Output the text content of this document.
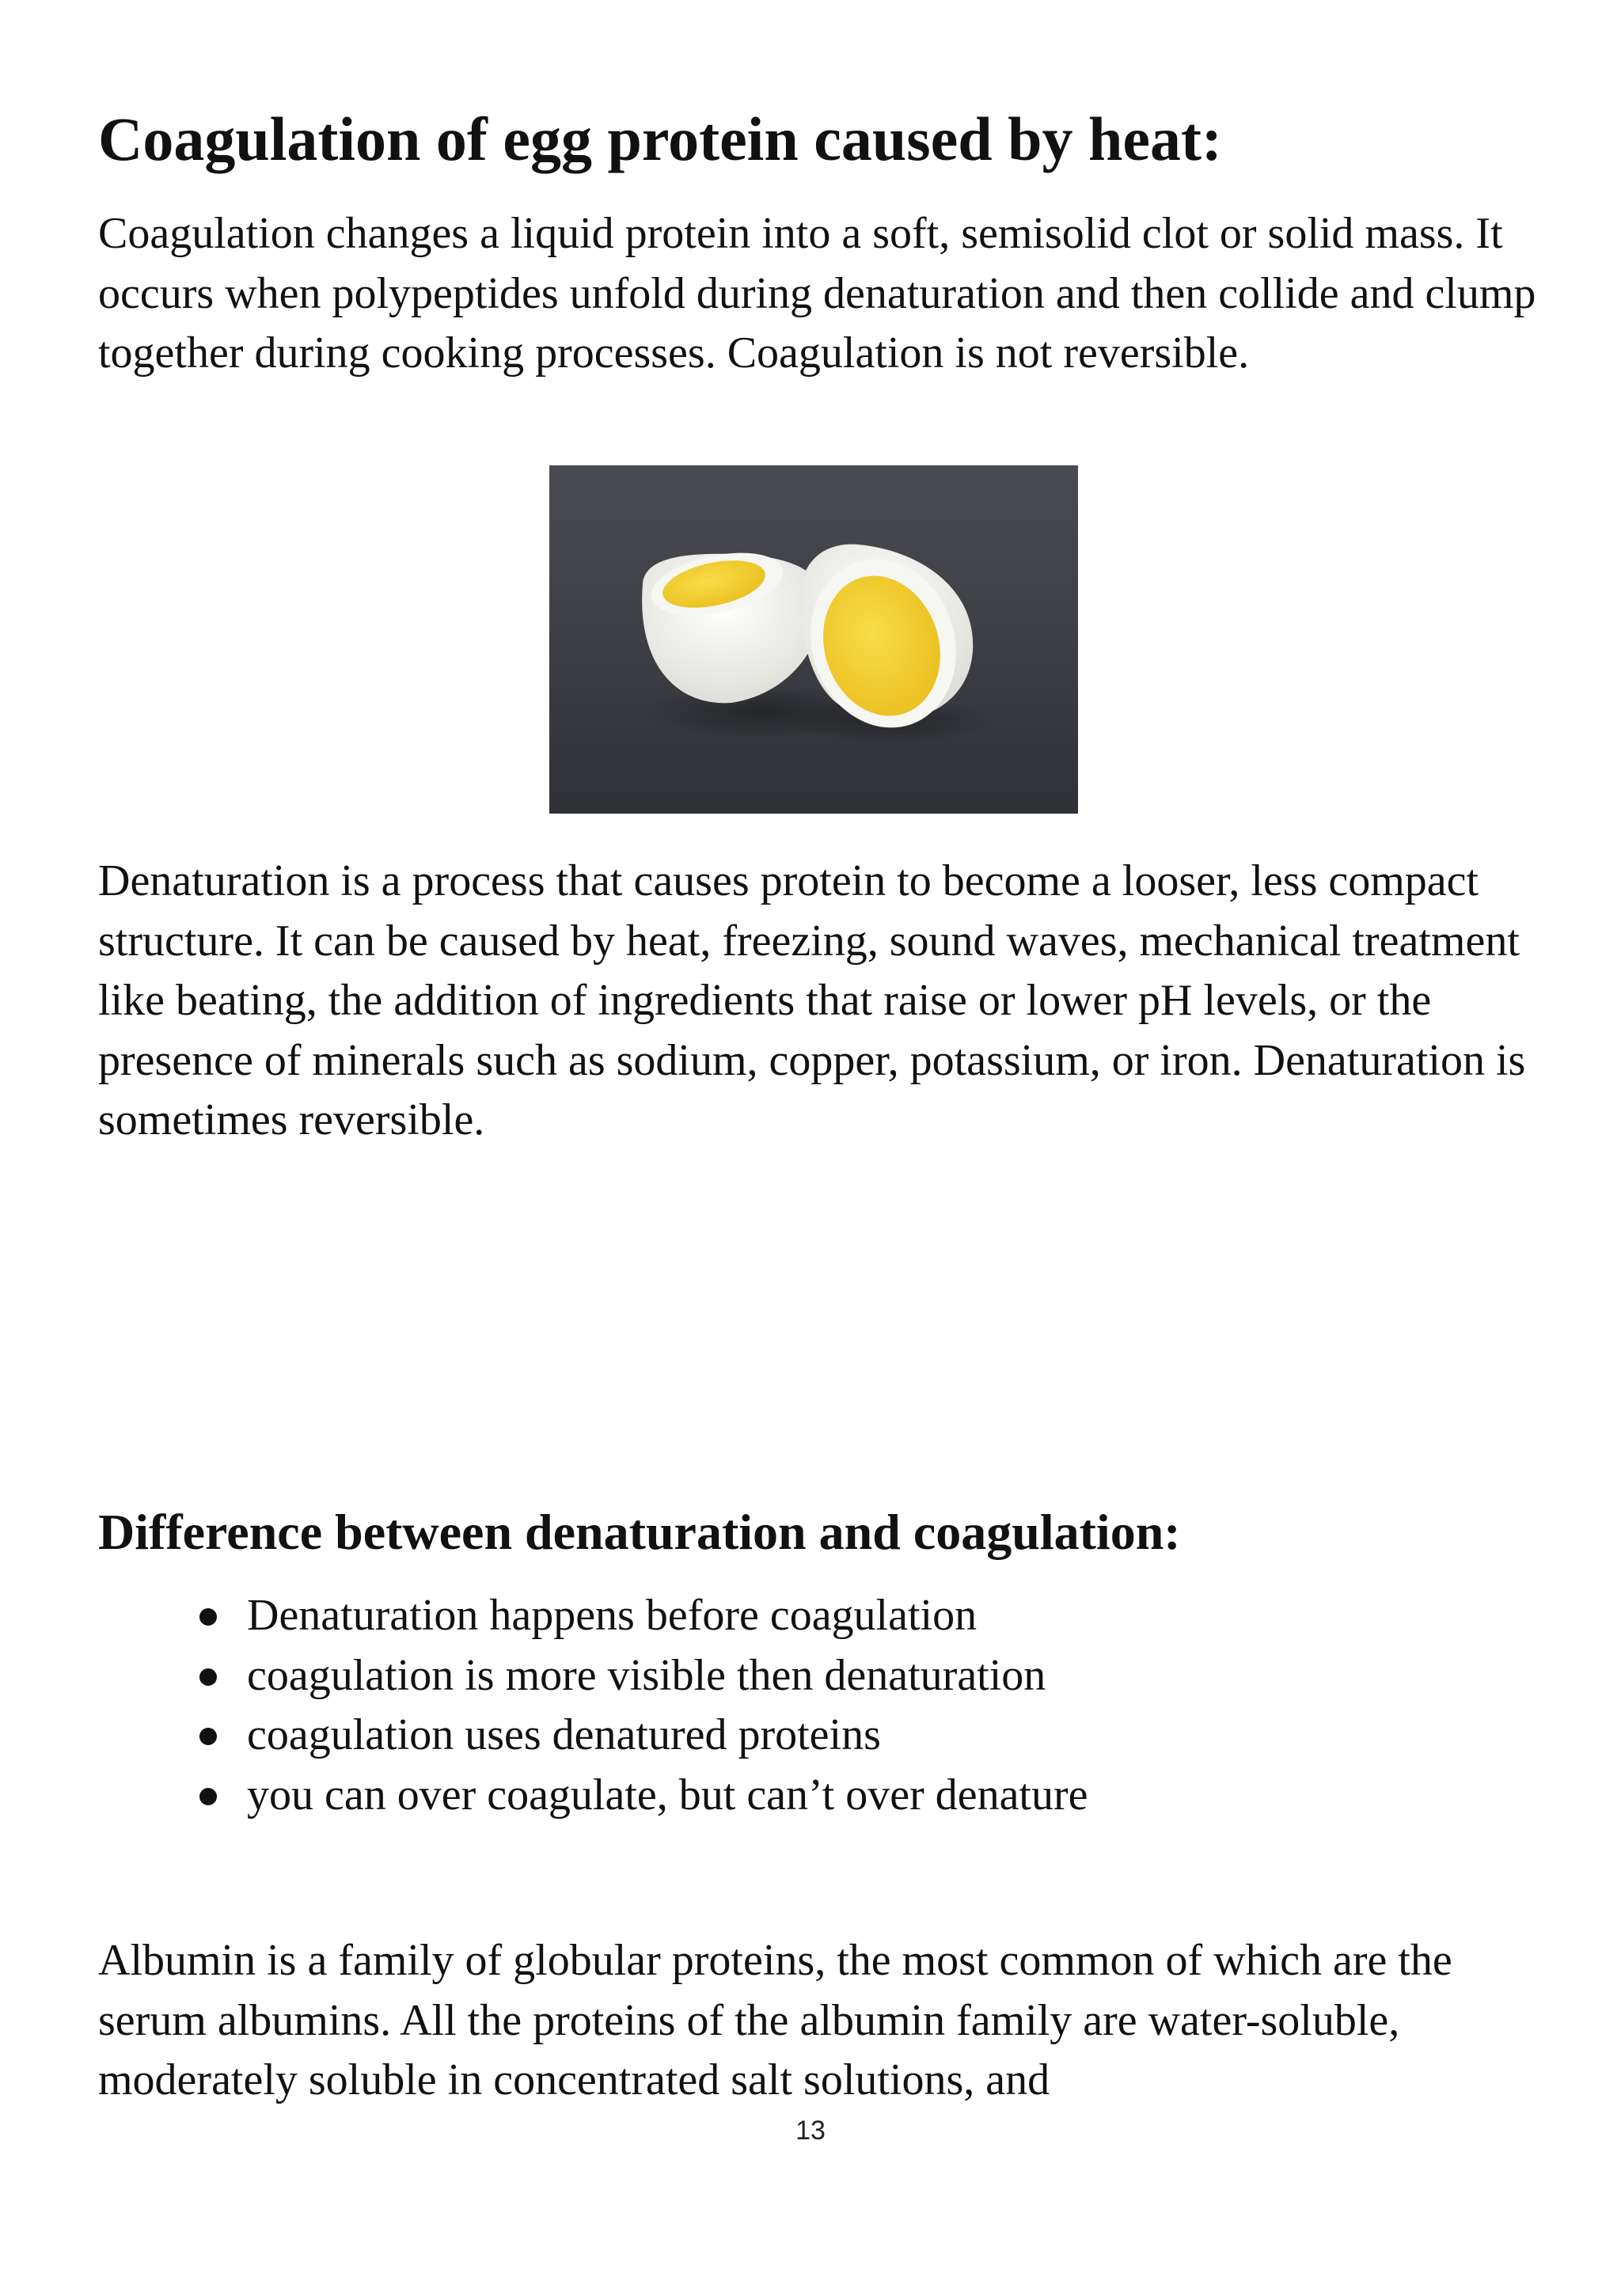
Coagulation of egg protein caused by heat:

Coagulation changes a liquid protein into a soft, semisolid clot or solid mass. It occurs when polypeptides unfold during denaturation and then collide and clump together during cooking processes. Coagulation is not reversible.

Denaturation is a process that causes protein to become a looser, less compact structure. It can be caused by heat, freezing, sound waves, mechanical treatment like beating, the addition of ingredients that raise or lower pH levels, or the presence of minerals such as sodium, copper, potassium, or iron. Denaturation is sometimes reversible.

Difference between denaturation and coagulation:
Denaturation happens before coagulation
coagulation is more visible then denaturation
coagulation uses denatured proteins
you can over coagulate, but can’t over denature

Albumin is a family of globular proteins, the most common of which are the serum albumins. All the proteins of the albumin family are water-soluble, moderately soluble in concentrated salt solutions, and

13
